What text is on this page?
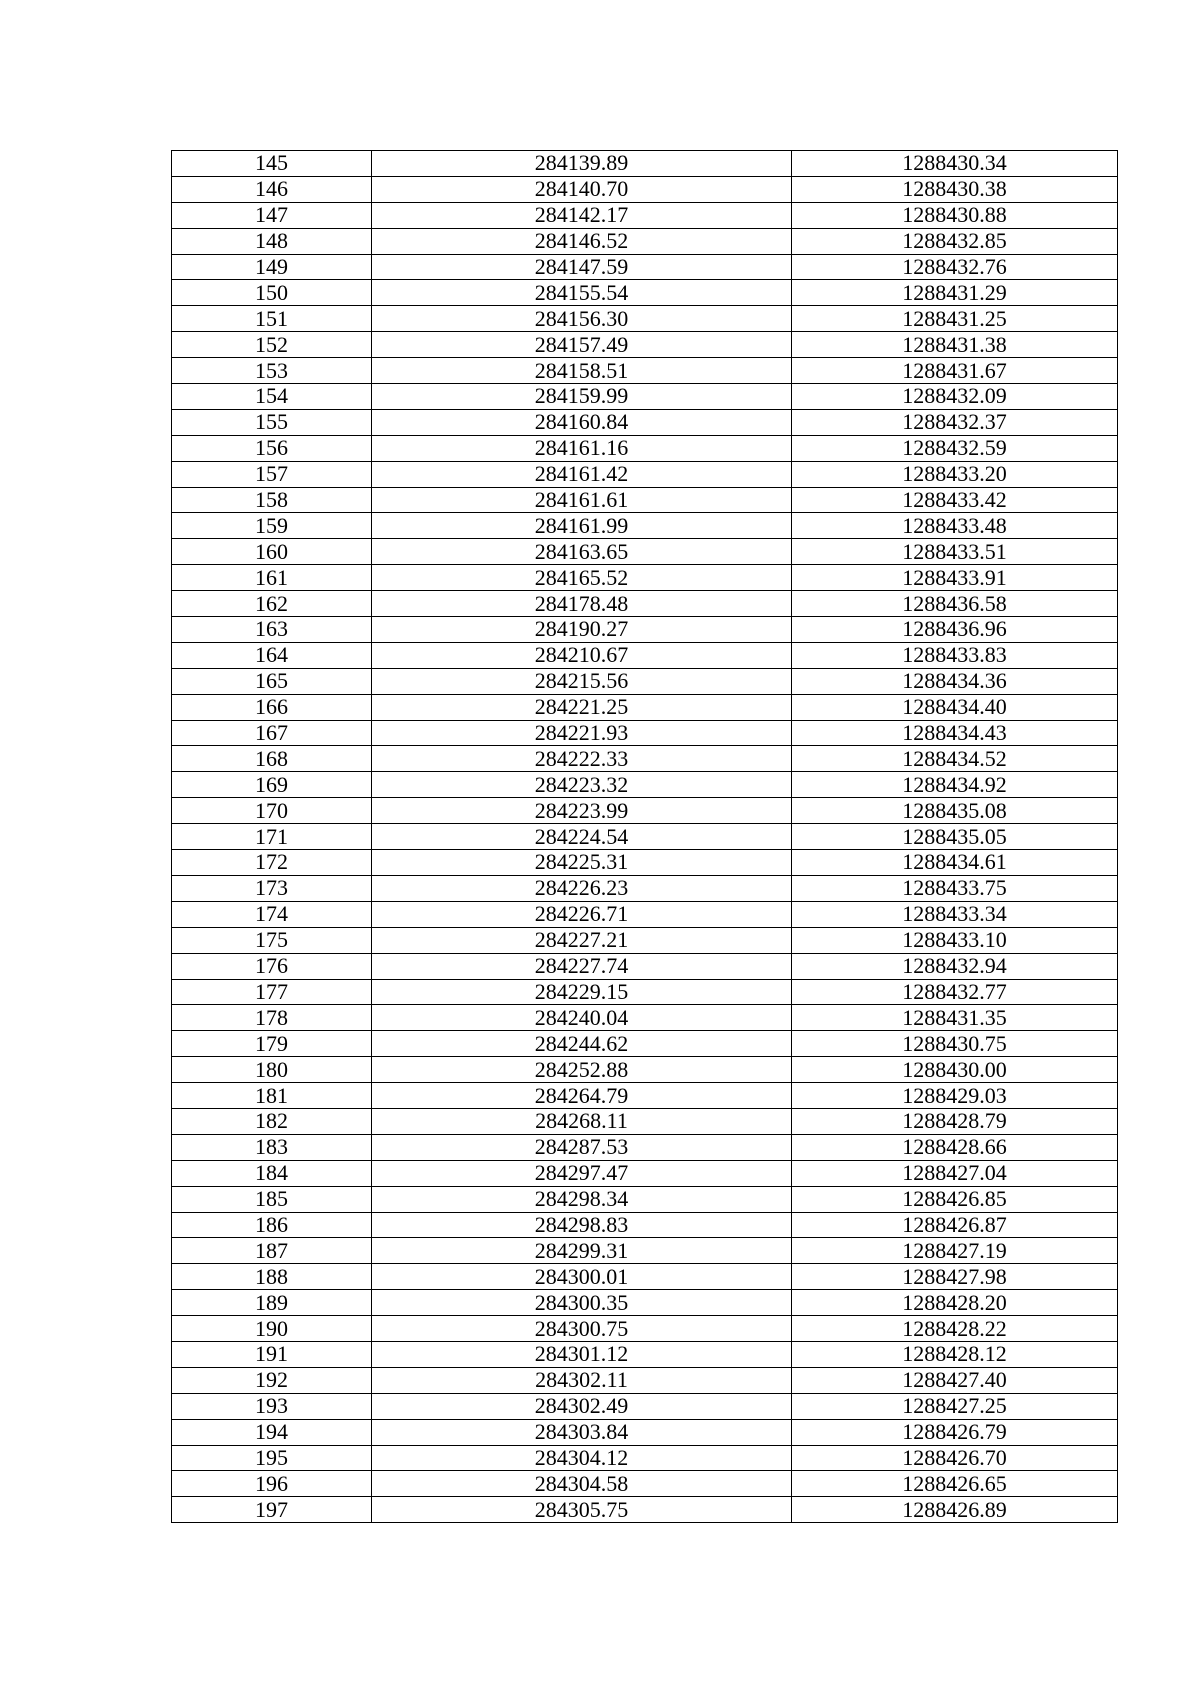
145	284139.89	1288430.34
146	284140.70	1288430.38
147	284142.17	1288430.88
148	284146.52	1288432.85
149	284147.59	1288432.76
150	284155.54	1288431.29
151	284156.30	1288431.25
152	284157.49	1288431.38
153	284158.51	1288431.67
154	284159.99	1288432.09
155	284160.84	1288432.37
156	284161.16	1288432.59
157	284161.42	1288433.20
158	284161.61	1288433.42
159	284161.99	1288433.48
160	284163.65	1288433.51
161	284165.52	1288433.91
162	284178.48	1288436.58
163	284190.27	1288436.96
164	284210.67	1288433.83
165	284215.56	1288434.36
166	284221.25	1288434.40
167	284221.93	1288434.43
168	284222.33	1288434.52
169	284223.32	1288434.92
170	284223.99	1288435.08
171	284224.54	1288435.05
172	284225.31	1288434.61
173	284226.23	1288433.75
174	284226.71	1288433.34
175	284227.21	1288433.10
176	284227.74	1288432.94
177	284229.15	1288432.77
178	284240.04	1288431.35
179	284244.62	1288430.75
180	284252.88	1288430.00
181	284264.79	1288429.03
182	284268.11	1288428.79
183	284287.53	1288428.66
184	284297.47	1288427.04
185	284298.34	1288426.85
186	284298.83	1288426.87
187	284299.31	1288427.19
188	284300.01	1288427.98
189	284300.35	1288428.20
190	284300.75	1288428.22
191	284301.12	1288428.12
192	284302.11	1288427.40
193	284302.49	1288427.25
194	284303.84	1288426.79
195	284304.12	1288426.70
196	284304.58	1288426.65
197	284305.75	1288426.89
